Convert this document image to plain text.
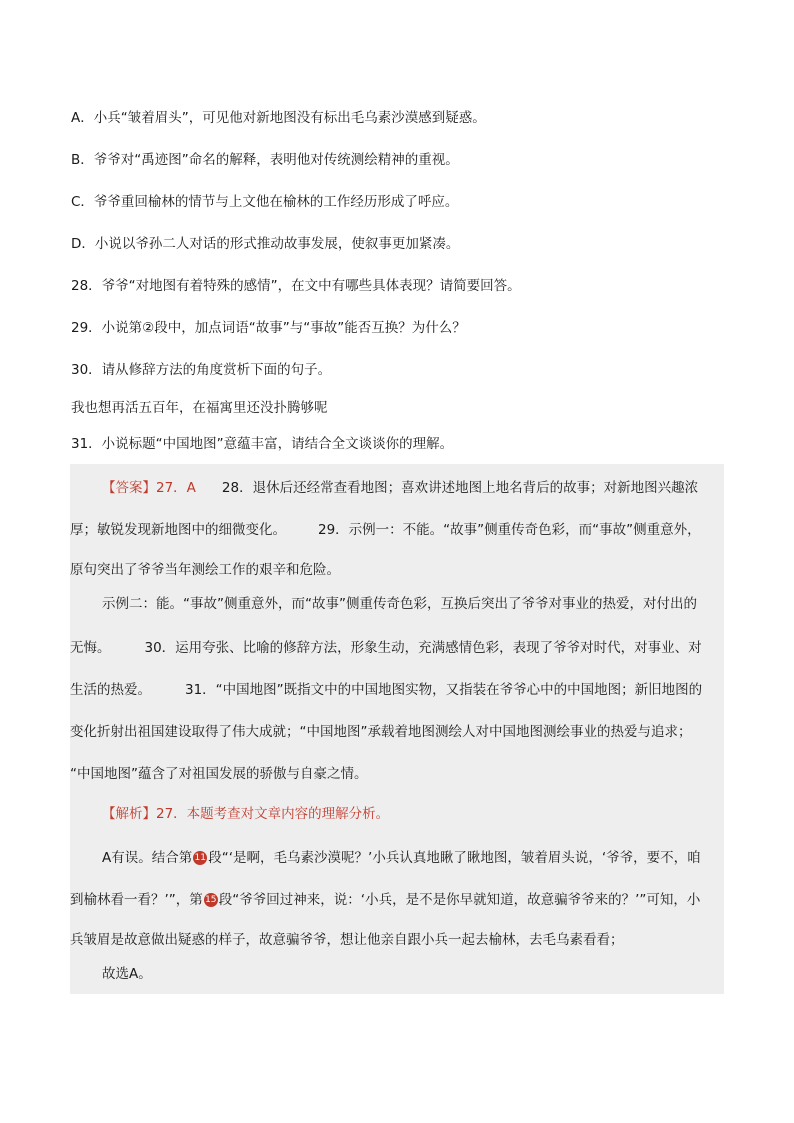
A．小兵“皱着眉头”，可见他对新地图没有标出毛乌素沙漠感到疑惑。
B．爷爷对“禹迹图”命名的解释，表明他对传统测绘精神的重视。
C．爷爷重回榆林的情节与上文他在榆林的工作经历形成了呼应。
D．小说以爷孙二人对话的形式推动故事发展，使叙事更加紧凑。
28．爷爷“对地图有着特殊的感情”，在文中有哪些具体表现？请简要回答。
29．小说第②段中，加点词语“故事”与“事故”能否互换？为什么？
30．请从修辞方法的角度赏析下面的句子。
我也想再活五百年，在福寓里还没扑腾够呢
31．小说标题“中国地图”意蕴丰富，请结合全文谈谈你的理解。
【答案】27．A 28．退休后还经常查看地图；喜欢讲述地图上地名背后的故事；对新地图兴趣浓
厚；敏锐发现新地图中的细微变化。 29．示例一：不能。“故事”侧重传奇色彩，而“事故”侧重意外，
原句突出了爷爷当年测绘工作的艰辛和危险。
示例二：能。“事故”侧重意外，而“故事”侧重传奇色彩，互换后突出了爷爷对事业的热爱，对付出的
无悔。	30．运用夸张、比喻的修辞方法，形象生动，充满感情色彩，表现了爷爷对时代，对事业、对
生活的热爱。	31．“中国地图”既指文中的中国地图实物，又指装在爷爷心中的中国地图；新旧地图的
变化折射出祖国建设取得了伟大成就；“中国地图”承载着地图测绘人对中国地图测绘事业的热爱与追求；
“中国地图”蕴含了对祖国发展的骄傲与自豪之情。
【解析】27．本题考查对文章内容的理解分析。
A有误。结合第 11 段“‘是啊，毛乌素沙漠呢？’小兵认真地瞅了瞅地图，皱着眉头说，‘爷爷，要不，咱
到榆林看一看？’”，第 15 段“爷爷回过神来，说：‘小兵，是不是你早就知道，故意骗爷爷来的？’”可知，小
兵皱眉是故意做出疑惑的样子，故意骗爷爷，想让他亲自跟小兵一起去榆林，去毛乌素看看；
故选A。
